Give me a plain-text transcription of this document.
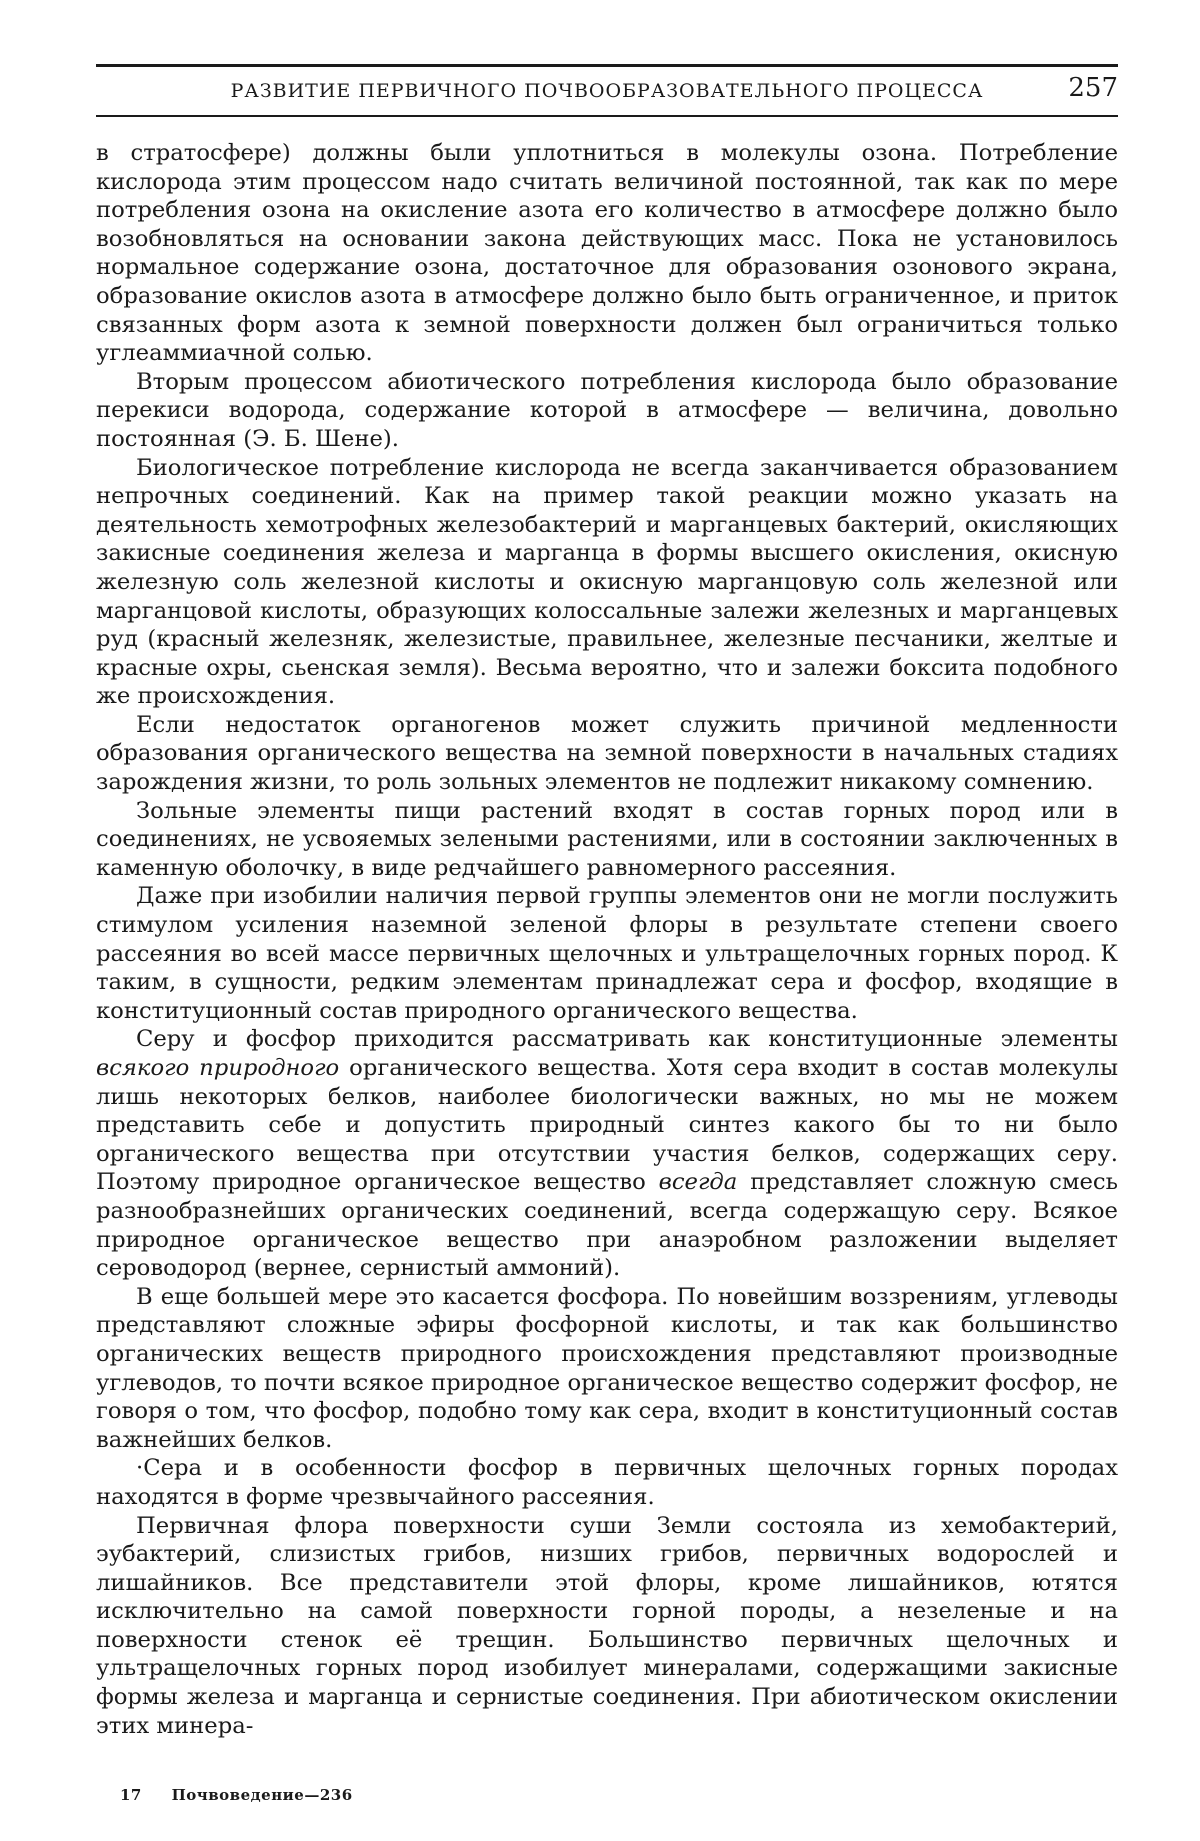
РАЗВИТИЕ ПЕРВИЧНОГО ПОЧВООБРАЗОВАТЕЛЬНОГО ПРОЦЕССА	257

в стратосфере) должны были уплотниться в молекулы озона. Потребление кислорода этим процессом надо считать величиной постоянной, так как по мере потребления озона на окисление азота его количество в атмосфере должно было возобновляться на основании закона действующих масс. Пока не установилось нормальное содержание озона, достаточное для образования озонового экрана, образование окислов азота в атмосфере должно было быть ограниченное, и приток связанных форм азота к земной поверхности должен был ограничиться только углеаммиачной солью.

Вторым процессом абиотического потребления кислорода было образование перекиси водорода, содержание которой в атмосфере — величина, довольно постоянная (Э. Б. Шене).

Биологическое потребление кислорода не всегда заканчивается образованием непрочных соединений. Как на пример такой реакции можно указать на деятельность хемотрофных железобактерий и марганцевых бактерий, окисляющих закисные соединения железа и марганца в формы высшего окисления, окисную железную соль железной кислоты и окисную марганцовую соль железной или марганцовой кислоты, образующих колоссальные залежи железных и марганцевых руд (красный железняк, железистые, правильнее, железные песчаники, желтые и красные охры, сьенская земля). Весьма вероятно, что и залежи боксита подобного же происхождения.

Если недостаток органогенов может служить причиной медленности образования органического вещества на земной поверхности в начальных стадиях зарождения жизни, то роль зольных элементов не подлежит никакому сомнению.

Зольные элементы пищи растений входят в состав горных пород или в соединениях, не усвояемых зелеными растениями, или в состоянии заключенных в каменную оболочку, в виде редчайшего равномерного рассеяния.

Даже при изобилии наличия первой группы элементов они не могли послужить стимулом усиления наземной зеленой флоры в результате степени своего рассеяния во всей массе первичных щелочных и ультращелочных горных пород. К таким, в сущности, редким элементам принадлежат сера и фосфор, входящие в конституционный состав природного органического вещества.

Серу и фосфор приходится рассматривать как конституционные элементы всякого природного органического вещества. Хотя сера входит в состав молекулы лишь некоторых белков, наиболее биологически важных, но мы не можем представить себе и допустить природный синтез какого бы то ни было органического вещества при отсутствии участия белков, содержащих серу. Поэтому природное органическое вещество всегда представляет сложную смесь разнообразнейших органических соединений, всегда содержащую серу. Всякое природное органическое вещество при анаэробном разложении выделяет сероводород (вернее, сернистый аммоний).

В еще большей мере это касается фосфора. По новейшим воззрениям, углеводы представляют сложные эфиры фосфорной кислоты, и так как большинство органических веществ природного происхождения представляют производные углеводов, то почти всякое природное органическое вещество содержит фосфор, не говоря о том, что фосфор, подобно тому как сера, входит в конституционный состав важнейших белков.

·Сера и в особенности фосфор в первичных щелочных горных породах находятся в форме чрезвычайного рассеяния.

Первичная флора поверхности суши Земли состояла из хемобактерий, эубактерий, слизистых грибов, низших грибов, первичных водорослей и лишайников. Все представители этой флоры, кроме лишайников, ютятся исключительно на самой поверхности горной породы, а незеленые и на поверхности стенок её трещин. Большинство первичных щелочных и ультращелочных горных пород изобилует минералами, содержащими закисные формы железа и марганца и сернистые соединения. При абиотическом окислении этих минера-

17 Почвоведение—236
